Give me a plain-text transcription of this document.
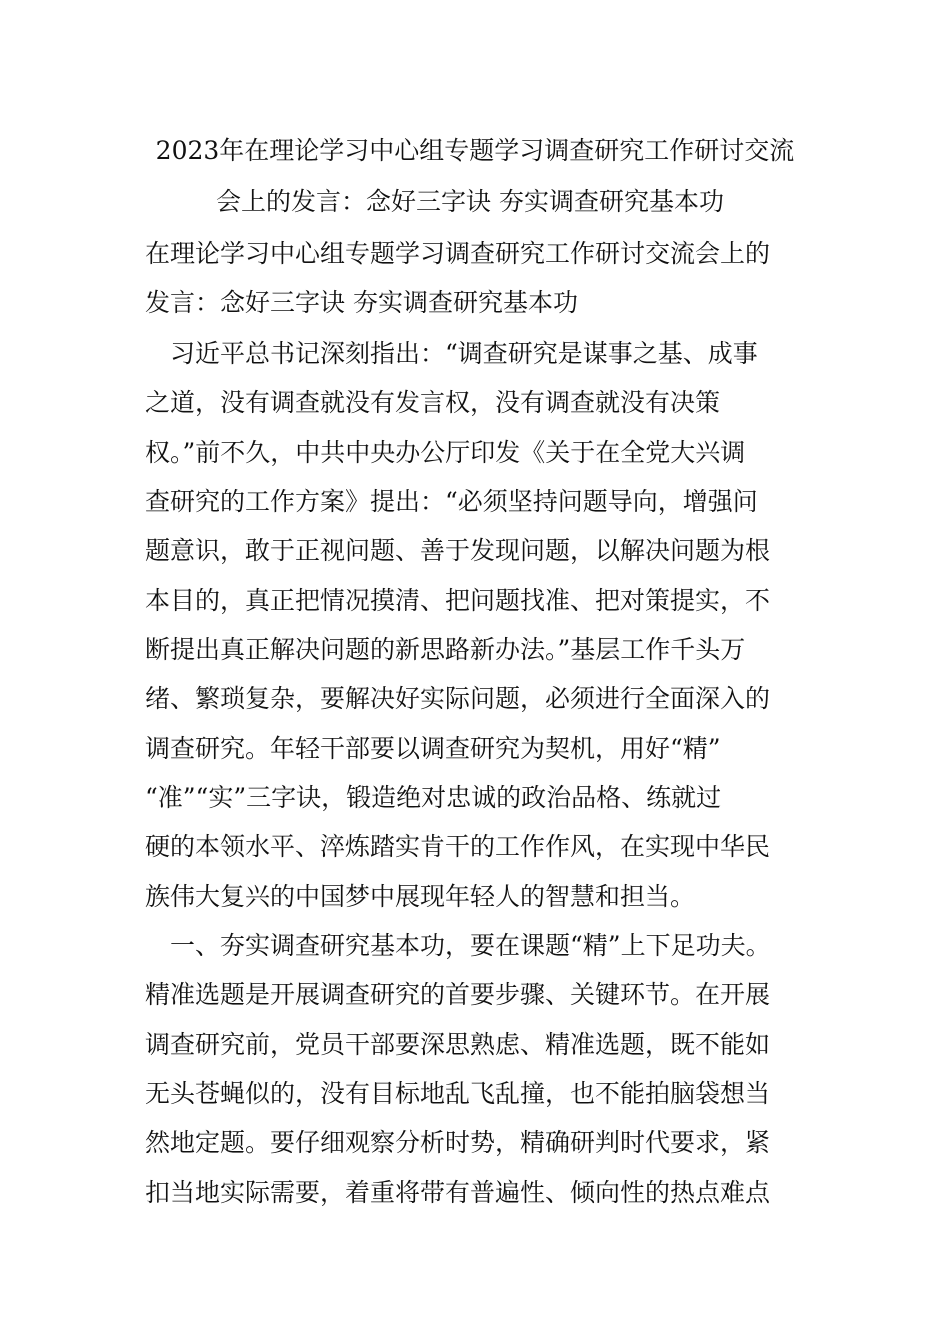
2023年在理论学习中心组专题学习调查研究工作研讨交流
会上的发言：念好三字诀 夯实调查研究基本功
在理论学习中心组专题学习调查研究工作研讨交流会上的
发言：念好三字诀 夯实调查研究基本功
　习近平总书记深刻指出：“调查研究是谋事之基、成事
之道，没有调查就没有发言权，没有调查就没有决策
权。”前不久，中共中央办公厅印发《关于在全党大兴调
查研究的工作方案》提出：“必须坚持问题导向，增强问
题意识，敢于正视问题、善于发现问题，以解决问题为根
本目的，真正把情况摸清、把问题找准、把对策提实，不
断提出真正解决问题的新思路新办法。”基层工作千头万
绪、繁琐复杂，要解决好实际问题，必须进行全面深入的
调查研究。年轻干部要以调查研究为契机，用好“精”
“准”“实”三字诀，锻造绝对忠诚的政治品格、练就过
硬的本领水平、淬炼踏实肯干的工作作风，在实现中华民
族伟大复兴的中国梦中展现年轻人的智慧和担当。
　一、夯实调查研究基本功，要在课题“精”上下足功夫。
精准选题是开展调查研究的首要步骤、关键环节。在开展
调查研究前，党员干部要深思熟虑、精准选题，既不能如
无头苍蝇似的，没有目标地乱飞乱撞，也不能拍脑袋想当
然地定题。要仔细观察分析时势，精确研判时代要求，紧
扣当地实际需要，着重将带有普遍性、倾向性的热点难点
